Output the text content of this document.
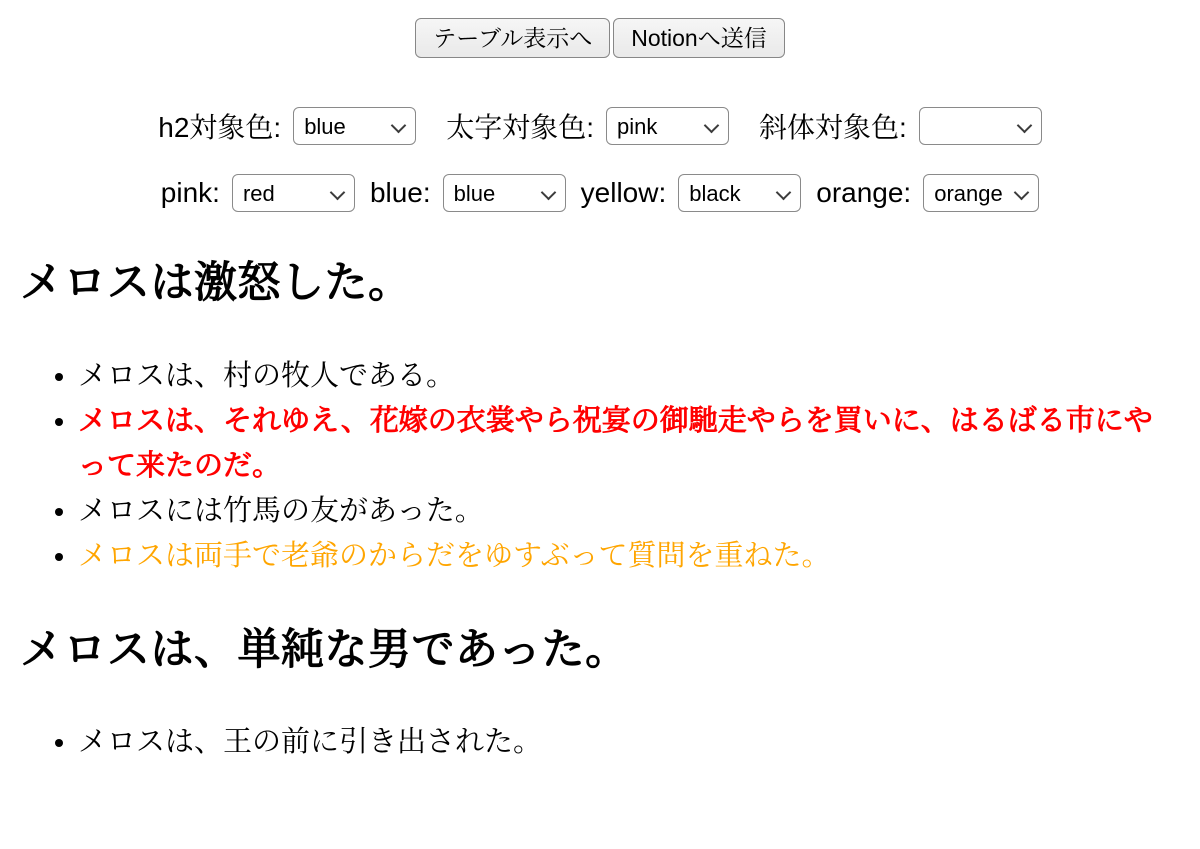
テーブル表示へ	Notionへ送信
h2対象色:
blue	太字対象色:
pink	斜体対象色:
pink:
red	blue:
blue	yellow:
black	orange:
orange
メロスは激怒した。
• メロスは、村の牧人である。
• メロスは、それゆえ、花嫁の衣裳やら祝宴の御馳走やらを買いに、はるばる市にやって来たのだ。
• メロスには竹馬の友があった。
• メロスは両手で老爺のからだをゆすぶって質問を重ねた。
メロスは、単純な男であった。
• メロスは、王の前に引き出された。
